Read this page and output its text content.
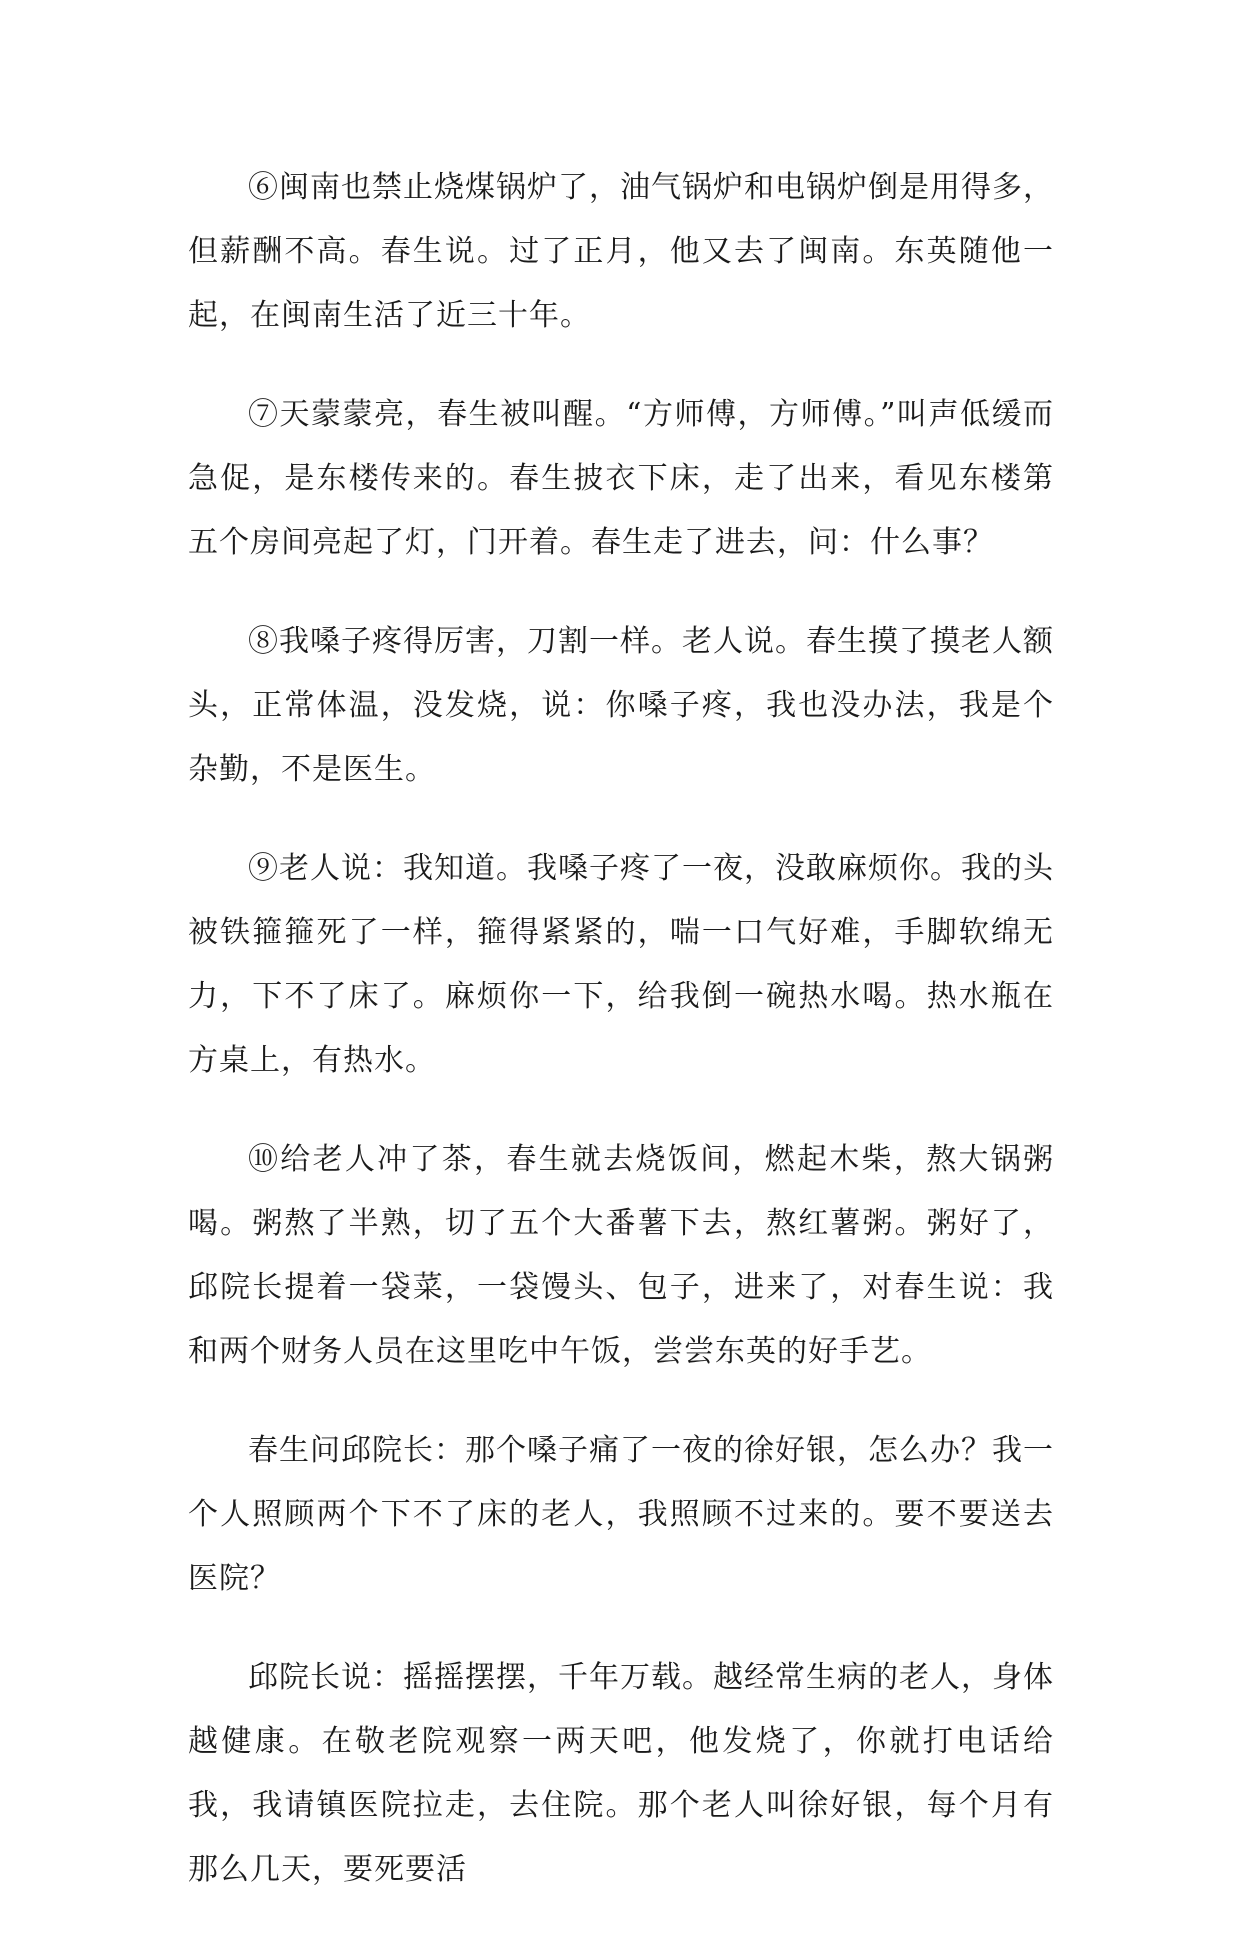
⑥闽南也禁止烧煤锅炉了，油气锅炉和电锅炉倒是用得多，但薪酬不高。春生说。过了正月，他又去了闽南。东英随他一起，在闽南生活了近三十年。

⑦天蒙蒙亮，春生被叫醒。“方师傅，方师傅。”叫声低缓而急促，是东楼传来的。春生披衣下床，走了出来，看见东楼第五个房间亮起了灯，门开着。春生走了进去，问：什么事？

⑧我嗓子疼得厉害，刀割一样。老人说。春生摸了摸老人额头，正常体温，没发烧，说：你嗓子疼，我也没办法，我是个杂勤，不是医生。

⑨老人说：我知道。我嗓子疼了一夜，没敢麻烦你。我的头被铁箍箍死了一样，箍得紧紧的，喘一口气好难，手脚软绵无力，下不了床了。麻烦你一下，给我倒一碗热水喝。热水瓶在方桌上，有热水。

⑩给老人冲了茶，春生就去烧饭间，燃起木柴，熬大锅粥喝。粥熬了半熟，切了五个大番薯下去，熬红薯粥。粥好了，邱院长提着一袋菜，一袋馒头、包子，进来了，对春生说：我和两个财务人员在这里吃中午饭，尝尝东英的好手艺。

春生问邱院长：那个嗓子痛了一夜的徐好银，怎么办？我一个人照顾两个下不了床的老人，我照顾不过来的。要不要送去医院？

邱院长说：摇摇摆摆，千年万载。越经常生病的老人，身体越健康。在敬老院观察一两天吧，他发烧了，你就打电话给我，我请镇医院拉走，去住院。那个老人叫徐好银，每个月有那么几天，要死要活
